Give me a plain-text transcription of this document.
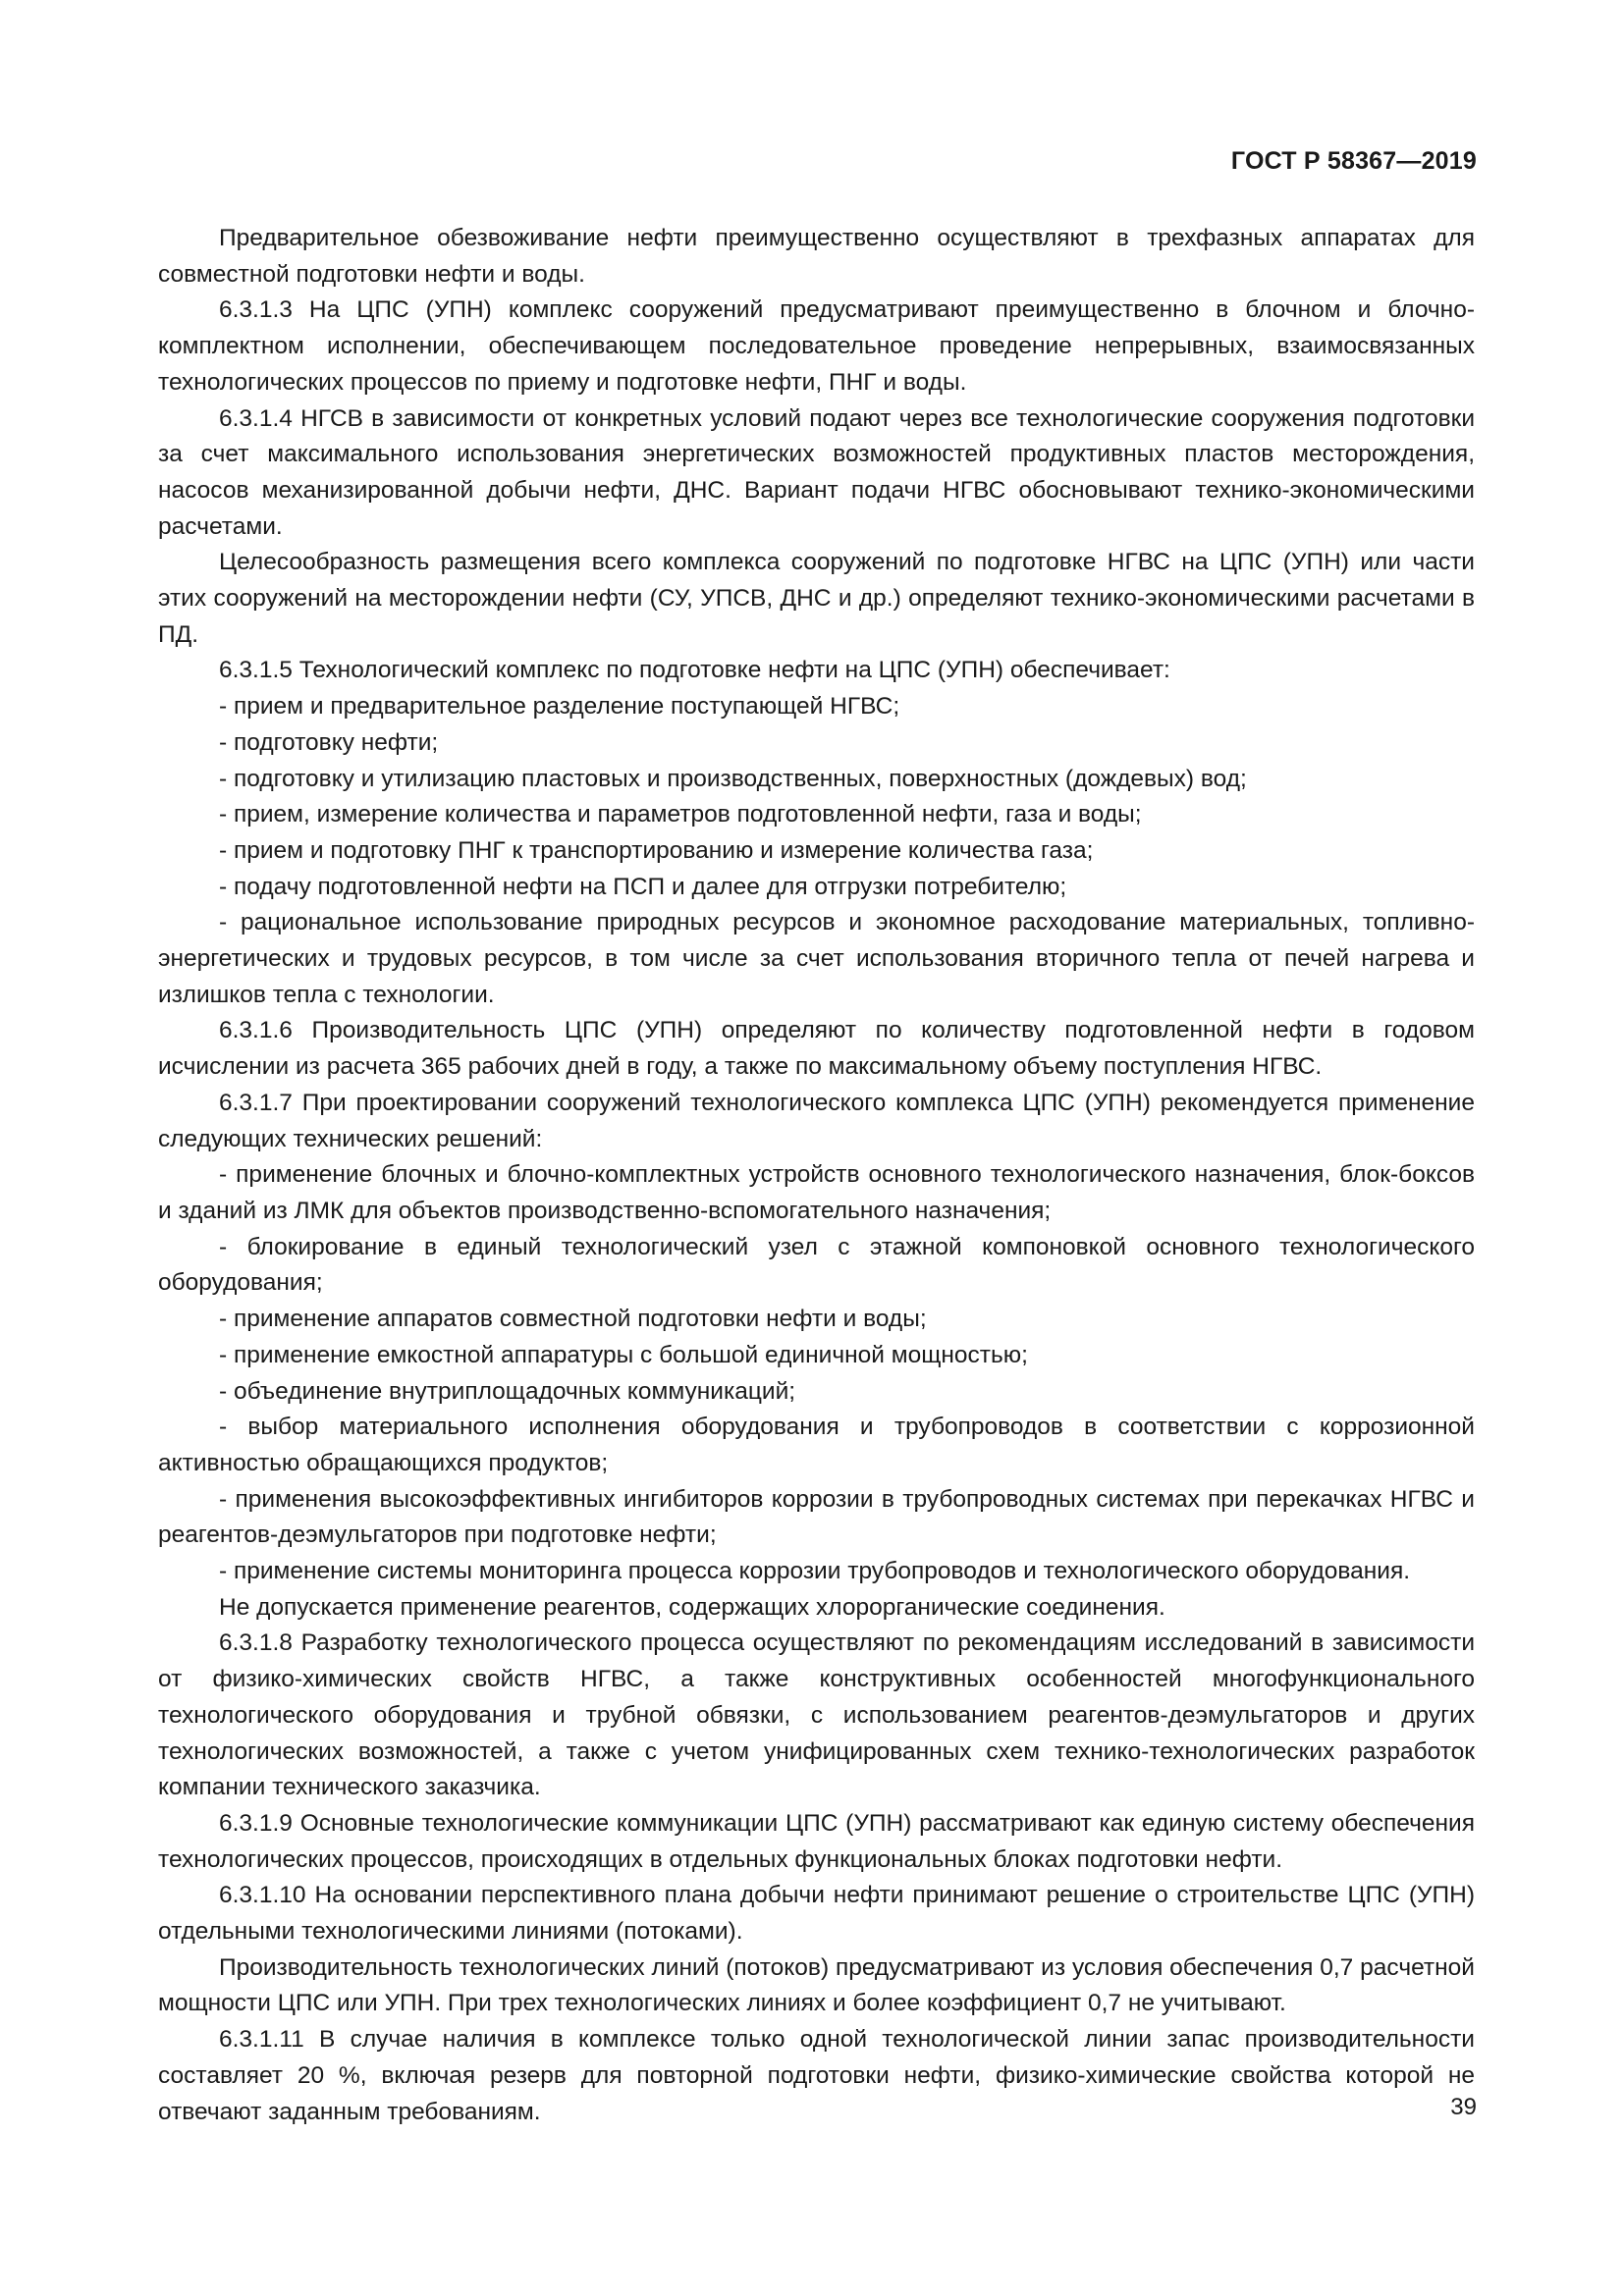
ГОСТ Р 58367—2019

Предварительное обезвоживание нефти преимущественно осуществляют в трехфазных аппаратах для совместной подготовки нефти и воды.

6.3.1.3 На ЦПС (УПН) комплекс сооружений предусматривают преимущественно в блочном и блочно-комплектном исполнении, обеспечивающем последовательное проведение непрерывных, взаимосвязанных технологических процессов по приему и подготовке нефти, ПНГ и воды.

6.3.1.4 НГСВ в зависимости от конкретных условий подают через все технологические сооружения подготовки за счет максимального использования энергетических возможностей продуктивных пластов месторождения, насосов механизированной добычи нефти, ДНС. Вариант подачи НГВС обосновывают технико-экономическими расчетами.

Целесообразность размещения всего комплекса сооружений по подготовке НГВС на ЦПС (УПН) или части этих сооружений на месторождении нефти (СУ, УПСВ, ДНС и др.) определяют технико-экономическими расчетами в ПД.

6.3.1.5 Технологический комплекс по подготовке нефти на ЦПС (УПН) обеспечивает:

- прием и предварительное разделение поступающей НГВС;

- подготовку нефти;

- подготовку и утилизацию пластовых и производственных, поверхностных (дождевых) вод;

- прием, измерение количества и параметров подготовленной нефти, газа и воды;

- прием и подготовку ПНГ к транспортированию и измерение количества газа;

- подачу подготовленной нефти на ПСП и далее для отгрузки потребителю;

- рациональное использование природных ресурсов и экономное расходование материальных, топливно-энергетических и трудовых ресурсов, в том числе за счет использования вторичного тепла от печей нагрева и излишков тепла с технологии.

6.3.1.6 Производительность ЦПС (УПН) определяют по количеству подготовленной нефти в годовом исчислении из расчета 365 рабочих дней в году, а также по максимальному объему поступления НГВС.

6.3.1.7 При проектировании сооружений технологического комплекса ЦПС (УПН) рекомендуется применение следующих технических решений:

- применение блочных и блочно-комплектных устройств основного технологического назначения, блок-боксов и зданий из ЛМК для объектов производственно-вспомогательного назначения;

- блокирование в единый технологический узел с этажной компоновкой основного технологического оборудования;

- применение аппаратов совместной подготовки нефти и воды;

- применение емкостной аппаратуры с большой единичной мощностью;

- объединение внутриплощадочных коммуникаций;

- выбор материального исполнения оборудования и трубопроводов в соответствии с коррозионной активностью обращающихся продуктов;

- применения высокоэффективных ингибиторов коррозии в трубопроводных системах при перекачках НГВС и реагентов-деэмульгаторов при подготовке нефти;

- применение системы мониторинга процесса коррозии трубопроводов и технологического оборудования.

Не допускается применение реагентов, содержащих хлорорганические соединения.

6.3.1.8 Разработку технологического процесса осуществляют по рекомендациям исследований в зависимости от физико-химических свойств НГВС, а также конструктивных особенностей многофункционального технологического оборудования и трубной обвязки, с использованием реагентов-деэмульгаторов и других технологических возможностей, а также с учетом унифицированных схем технико-технологических разработок компании технического заказчика.

6.3.1.9 Основные технологические коммуникации ЦПС (УПН) рассматривают как единую систему обеспечения технологических процессов, происходящих в отдельных функциональных блоках подготовки нефти.

6.3.1.10 На основании перспективного плана добычи нефти принимают решение о строительстве ЦПС (УПН) отдельными технологическими линиями (потоками).

Производительность технологических линий (потоков) предусматривают из условия обеспечения 0,7 расчетной мощности ЦПС или УПН. При трех технологических линиях и более коэффициент 0,7 не учитывают.

6.3.1.11 В случае наличия в комплексе только одной технологической линии запас производительности составляет 20 %, включая резерв для повторной подготовки нефти, физико-химические свойства которой не отвечают заданным требованиям.	39
